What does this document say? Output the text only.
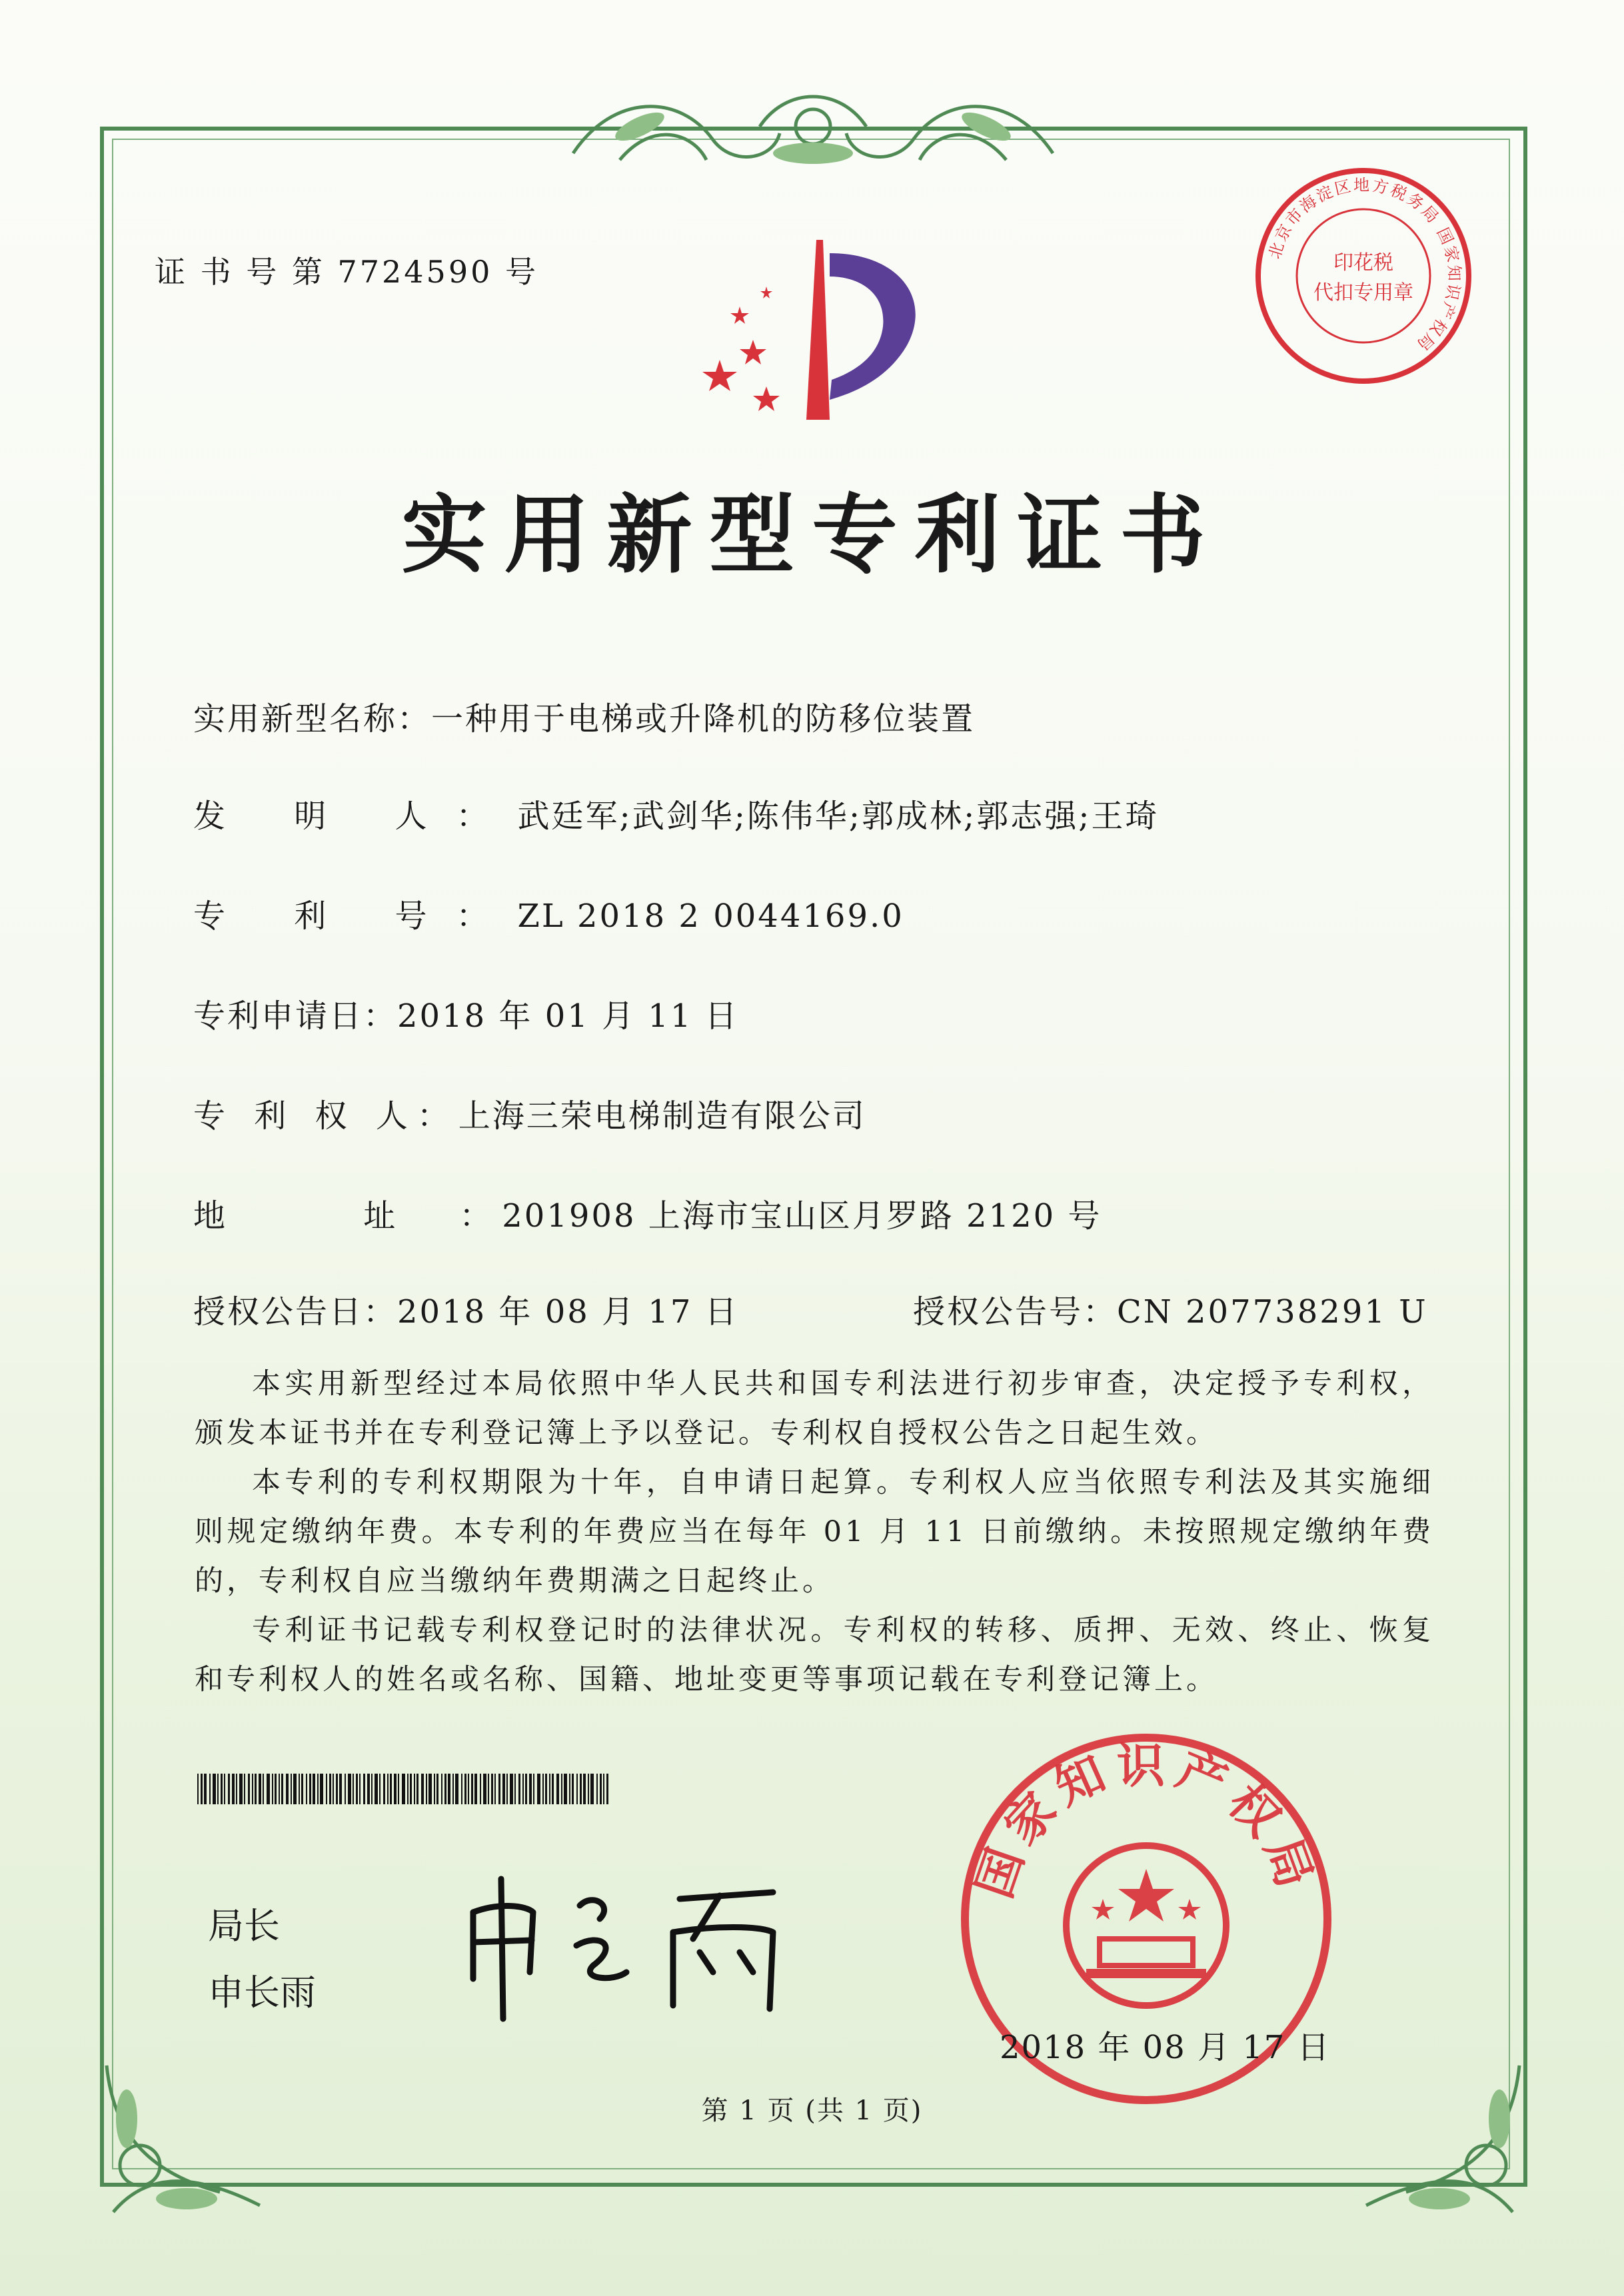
证 书 号 第 7724590 号
北京市海淀区地方税务局 国家知识产权局
印花税
代扣专用章
实用新型专利证书
实用新型名称：一种用于电梯或升降机的防移位装置
发 明 人：武廷军;武剑华;陈伟华;郭成林;郭志强;王琦
专 利 号：ZL 2018 2 0044169.0
专利申请日：2018 年 01 月 11 日
专 利 权 人：上海三荣电梯制造有限公司
地 址：201908 上海市宝山区月罗路 2120 号
授权公告日：2018 年 08 月 17 日	授权公告号：CN 207738291 U

本实用新型经过本局依照中华人民共和国专利法进行初步审查，决定授予专利权，颁发本证书并在专利登记簿上予以登记。专利权自授权公告之日起生效。

本专利的专利权期限为十年，自申请日起算。专利权人应当依照专利法及其实施细则规定缴纳年费。本专利的年费应当在每年 01 月 11 日前缴纳。未按照规定缴纳年费的，专利权自应当缴纳年费期满之日起终止。

专利证书记载专利权登记时的法律状况。专利权的转移、质押、无效、终止、恢复和专利权人的姓名或名称、国籍、地址变更等事项记载在专利登记簿上。

局长
申长雨
国家知识产权局
2018 年 08 月 17 日
第 1 页 (共 1 页)
